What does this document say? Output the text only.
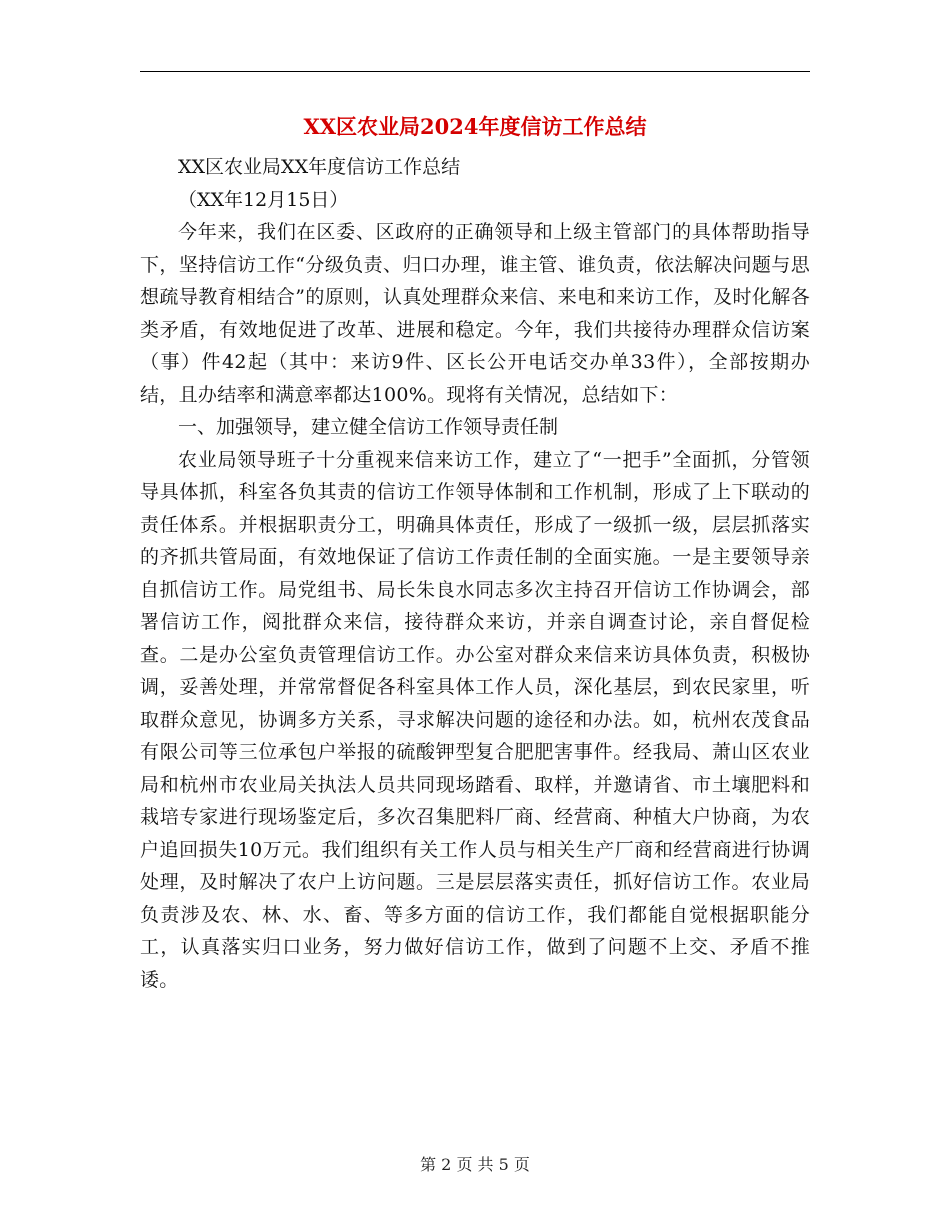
XX区农业局2024年度信访工作总结

XX区农业局XX年度信访工作总结

（XX年12月15日）

今年来，我们在区委、区政府的正确领导和上级主管部门的具体帮助指导下，坚持信访工作“分级负责、归口办理，谁主管、谁负责，依法解决问题与思想疏导教育相结合”的原则，认真处理群众来信、来电和来访工作，及时化解各类矛盾，有效地促进了改革、进展和稳定。今年，我们共接待办理群众信访案（事）件42起（其中：来访9件、区长公开电话交办单33件），全部按期办结，且办结率和满意率都达100%。现将有关情况，总结如下：

一、加强领导，建立健全信访工作领导责任制

农业局领导班子十分重视来信来访工作，建立了“一把手”全面抓，分管领导具体抓，科室各负其责的信访工作领导体制和工作机制，形成了上下联动的责任体系。并根据职责分工，明确具体责任，形成了一级抓一级，层层抓落实的齐抓共管局面，有效地保证了信访工作责任制的全面实施。一是主要领导亲自抓信访工作。局党组书、局长朱良水同志多次主持召开信访工作协调会，部署信访工作，阅批群众来信，接待群众来访，并亲自调查讨论，亲自督促检查。二是办公室负责管理信访工作。办公室对群众来信来访具体负责，积极协调，妥善处理，并常常督促各科室具体工作人员，深化基层，到农民家里，听取群众意见，协调多方关系，寻求解决问题的途径和办法。如，杭州农茂食品有限公司等三位承包户举报的硫酸钾型复合肥肥害事件。经我局、萧山区农业局和杭州市农业局关执法人员共同现场踏看、取样，并邀请省、市土壤肥料和栽培专家进行现场鉴定后，多次召集肥料厂商、经营商、种植大户协商，为农户追回损失10万元。我们组织有关工作人员与相关生产厂商和经营商进行协调处理，及时解决了农户上访问题。三是层层落实责任，抓好信访工作。农业局负责涉及农、林、水、畜、等多方面的信访工作，我们都能自觉根据职能分工，认真落实归口业务，努力做好信访工作，做到了问题不上交、矛盾不推诿。

第 2 页 共 5 页
